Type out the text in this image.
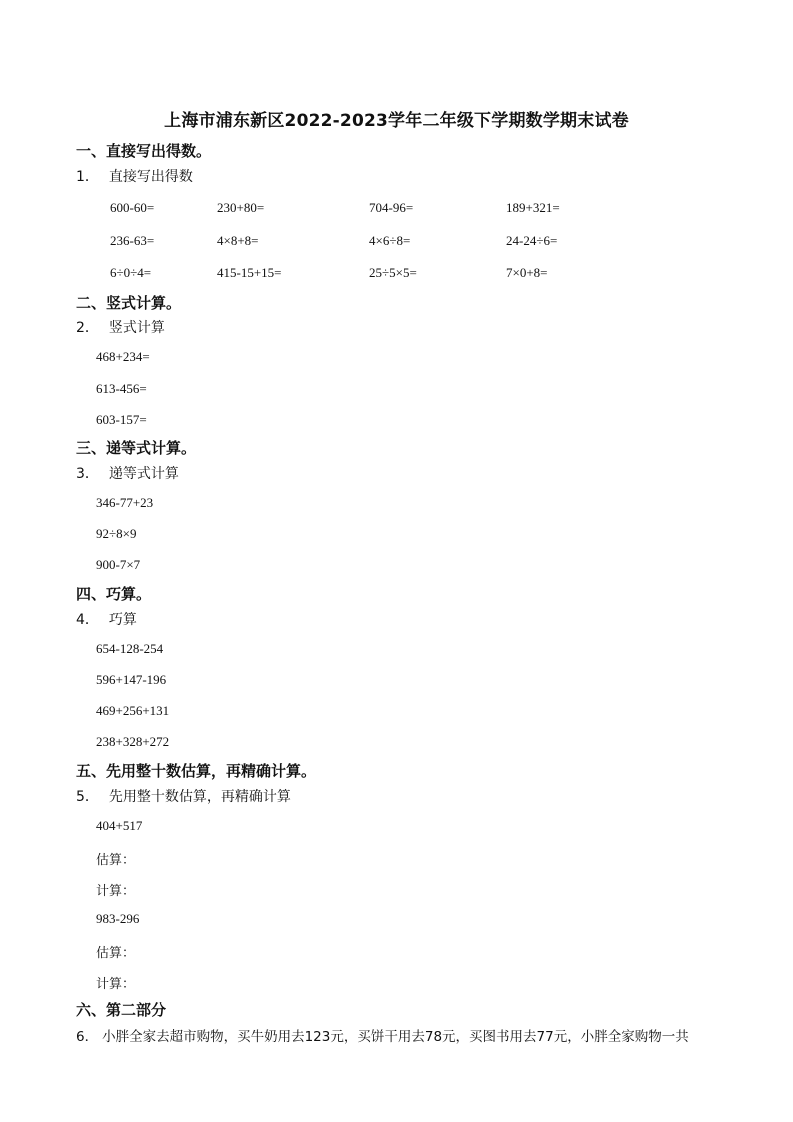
上海市浦东新区2022-2023学年二年级下学期数学期末试卷
一、直接写出得数。
1． 直接写出得数
600-60=	230+80=	704-96=	189+321=
236-63=	4×8+8=	4×6÷8=	24-24÷6=
6÷0÷4=	415-15+15=	25÷5×5=	7×0+8=
二、竖式计算。
2． 竖式计算
468+234=
613-456=
603-157=
三、递等式计算。
3． 递等式计算
346-77+23
92÷8×9
900-7×7
四、巧算。
4． 巧算
654-128-254
596+147-196
469+256+131
238+328+272
五、先用整十数估算，再精确计算。
5． 先用整十数估算，再精确计算
404+517
估算：
计算：
983-296
估算：
计算：
六、第二部分
6． 小胖全家去超市购物，买牛奶用去123元，买饼干用去78元，买图书用去77元，小胖全家购物一共
